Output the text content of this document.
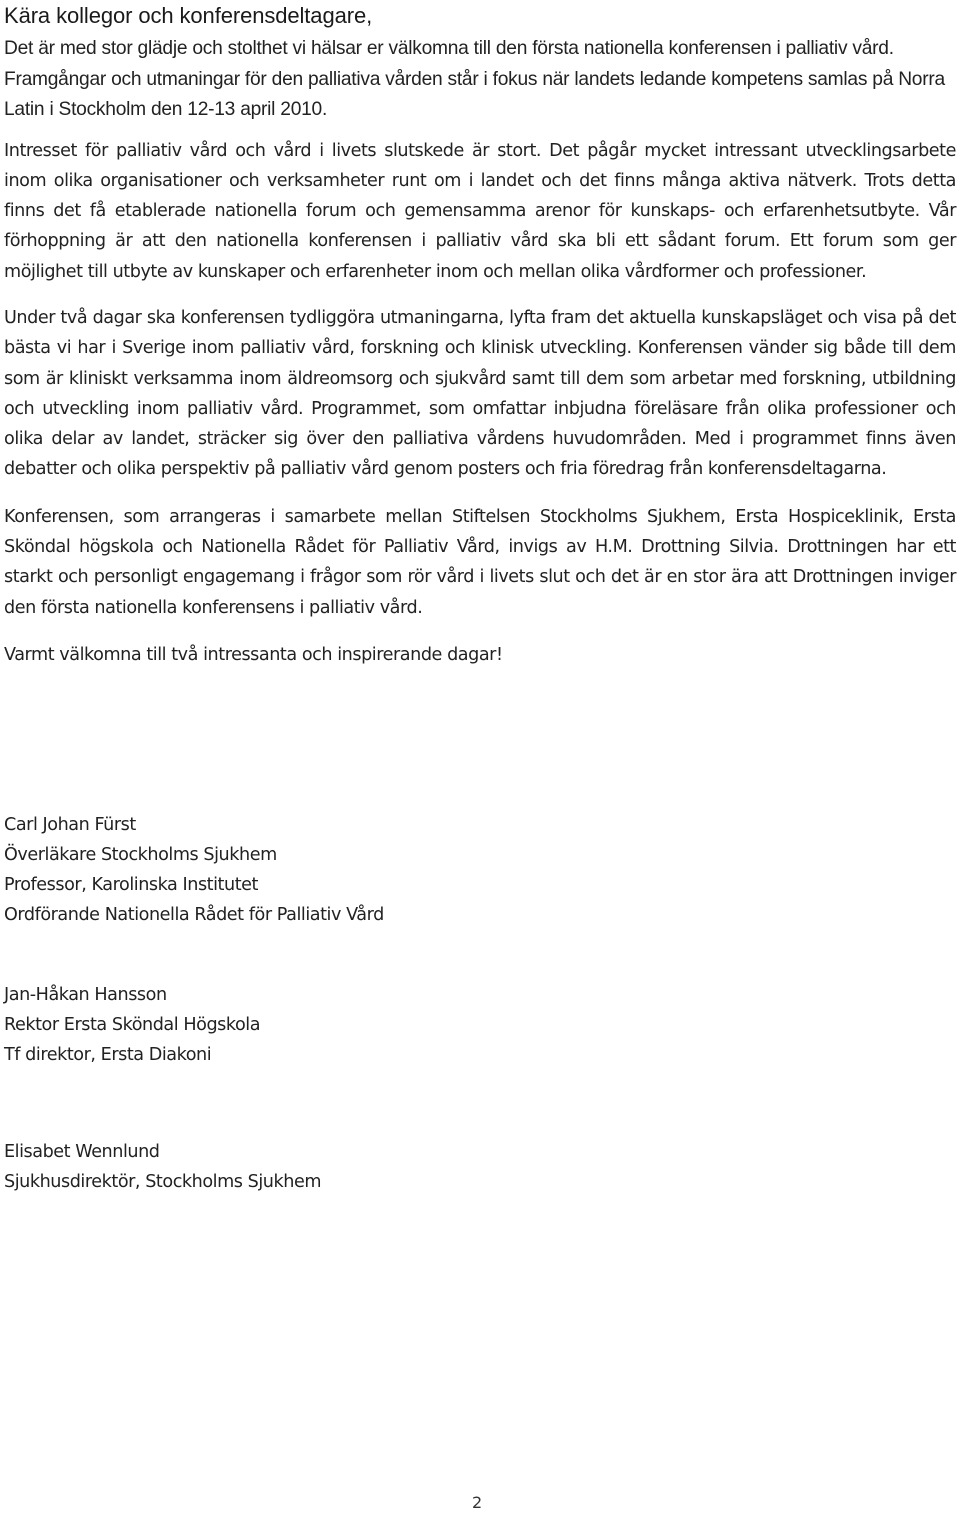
Kära kollegor och konferensdeltagare,

Det är med stor glädje och stolthet vi hälsar er välkomna till den första nationella konferensen i palliativ vård. Framgångar och utmaningar för den palliativa vården står i fokus när landets ledande kompetens samlas på Norra Latin i Stockholm den 12-13 april 2010.

Intresset för palliativ vård och vård i livets slutskede är stort. Det pågår mycket intressant utvecklingsarbete inom olika organisationer och verksamheter runt om i landet och det finns många aktiva nätverk. Trots detta finns det få etablerade nationella forum och gemensamma arenor för kunskaps- och erfarenhetsutbyte. Vår förhoppning är att den nationella konferensen i palliativ vård ska bli ett sådant forum. Ett forum som ger möjlighet till utbyte av kunskaper och erfarenheter inom och mellan olika vårdformer och professioner.

Under två dagar ska konferensen tydliggöra utmaningarna, lyfta fram det aktuella kunskapsläget och visa på det bästa vi har i Sverige inom palliativ vård, forskning och klinisk utveckling. Konferensen vänder sig både till dem som är kliniskt verksamma inom äldreomsorg och sjukvård samt till dem som arbetar med forskning, utbildning och utveckling inom palliativ vård. Programmet, som omfattar inbjudna föreläsare från olika professioner och olika delar av landet, sträcker sig över den palliativa vårdens huvudområden. Med i programmet finns även debatter och olika perspektiv på palliativ vård genom posters och fria föredrag från konferensdeltagarna.

Konferensen, som arrangeras i samarbete mellan Stiftelsen Stockholms Sjukhem, Ersta Hospiceklinik, Ersta Sköndal högskola och Nationella Rådet för Palliativ Vård, invigs av H.M. Drottning Silvia. Drottningen har ett starkt och personligt engagemang i frågor som rör vård i livets slut och det är en stor ära att Drottningen inviger den första nationella konferensens i palliativ vård.

Varmt välkomna till två intressanta och inspirerande dagar!

Carl Johan Fürst
Överläkare Stockholms Sjukhem
Professor, Karolinska Institutet
Ordförande Nationella Rådet för Palliativ Vård
Jan-Håkan Hansson
Rektor Ersta Sköndal Högskola
Tf direktor, Ersta Diakoni
Elisabet Wennlund
Sjukhusdirektör, Stockholms Sjukhem
2
